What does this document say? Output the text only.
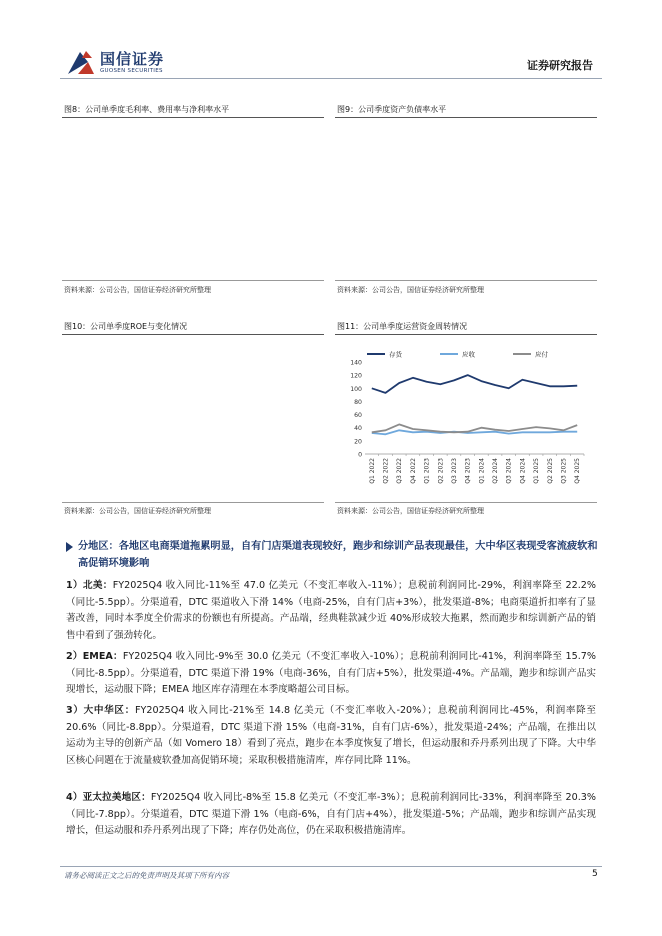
国信证券
GUOSEN SECURITIES	证券研究报告
图8：公司单季度毛利率、费用率与净利率水平
资料来源：公司公告，国信证券经济研究所整理
图9：公司季度资产负债率水平
资料来源：公司公告，国信证券经济研究所整理
图10：公司单季度ROE与变化情况
资料来源：公司公告，国信证券经济研究所整理
图11：公司单季度运营资金周转情况
0
20
40
60
80
100
120
140
Q1 2022 Q2 2022 Q3 2022 Q4 2022 Q1 2023 Q2 2023 Q3 2023 Q4 2023 Q1 2024 Q2 2024 Q3 2024 Q4 2024 Q1 2025 Q2 2025 Q3 2025 Q4 2025
存货	应收	应付
资料来源：公司公告，国信证券经济研究所整理
分地区：各地区电商渠道拖累明显，自有门店渠道表现较好，跑步和综训产品表现最佳，大中华区表现受客流疲软和高促销环境影响
1）北美：FY2025Q4 收入同比-11%至 47.0 亿美元（不变汇率收入-11%）；息税前利润同比-29%，利润率降至 22.2%（同比-5.5pp）。分渠道看，DTC 渠道收入下滑 14%（电商-25%，自有门店+3%），批发渠道-8%；电商渠道折扣率有了显著改善，同时本季度全价需求的份额也有所提高。产品端，经典鞋款减少近 40%形成较大拖累，然而跑步和综训新产品的销售中看到了强劲转化。
2）EMEA：FY2025Q4 收入同比-9%至 30.0 亿美元（不变汇率收入-10%）；息税前利润同比-41%，利润率降至 15.7%（同比-8.5pp）。分渠道看，DTC 渠道下滑 19%（电商-36%，自有门店+5%），批发渠道-4%。产品端，跑步和综训产品实现增长，运动服下降；EMEA 地区库存清理在本季度略超公司目标。
3）大中华区：FY2025Q4 收入同比-21%至 14.8 亿美元（不变汇率收入-20%）；息税前利润同比-45%，利润率降至 20.6%（同比-8.8pp）。分渠道看，DTC 渠道下滑 15%（电商-31%，自有门店-6%），批发渠道-24%；产品端，在推出以运动为主导的创新产品（如 Vomero 18）看到了亮点，跑步在本季度恢复了增长，但运动服和乔丹系列出现了下降。大中华区核心问题在于流量疲软叠加高促销环境；采取积极措施清库，库存同比降 11%。
4）亚太拉美地区：FY2025Q4 收入同比-8%至 15.8 亿美元（不变汇率-3%）；息税前利润同比-33%，利润率降至 20.3%（同比-7.8pp）。分渠道看，DTC 渠道下滑 1%（电商-6%，自有门店+4%），批发渠道-5%；产品端，跑步和综训产品实现增长，但运动服和乔丹系列出现了下降；库存仍处高位，仍在采取积极措施清库。
请务必阅读正文之后的免责声明及其项下所有内容	5
